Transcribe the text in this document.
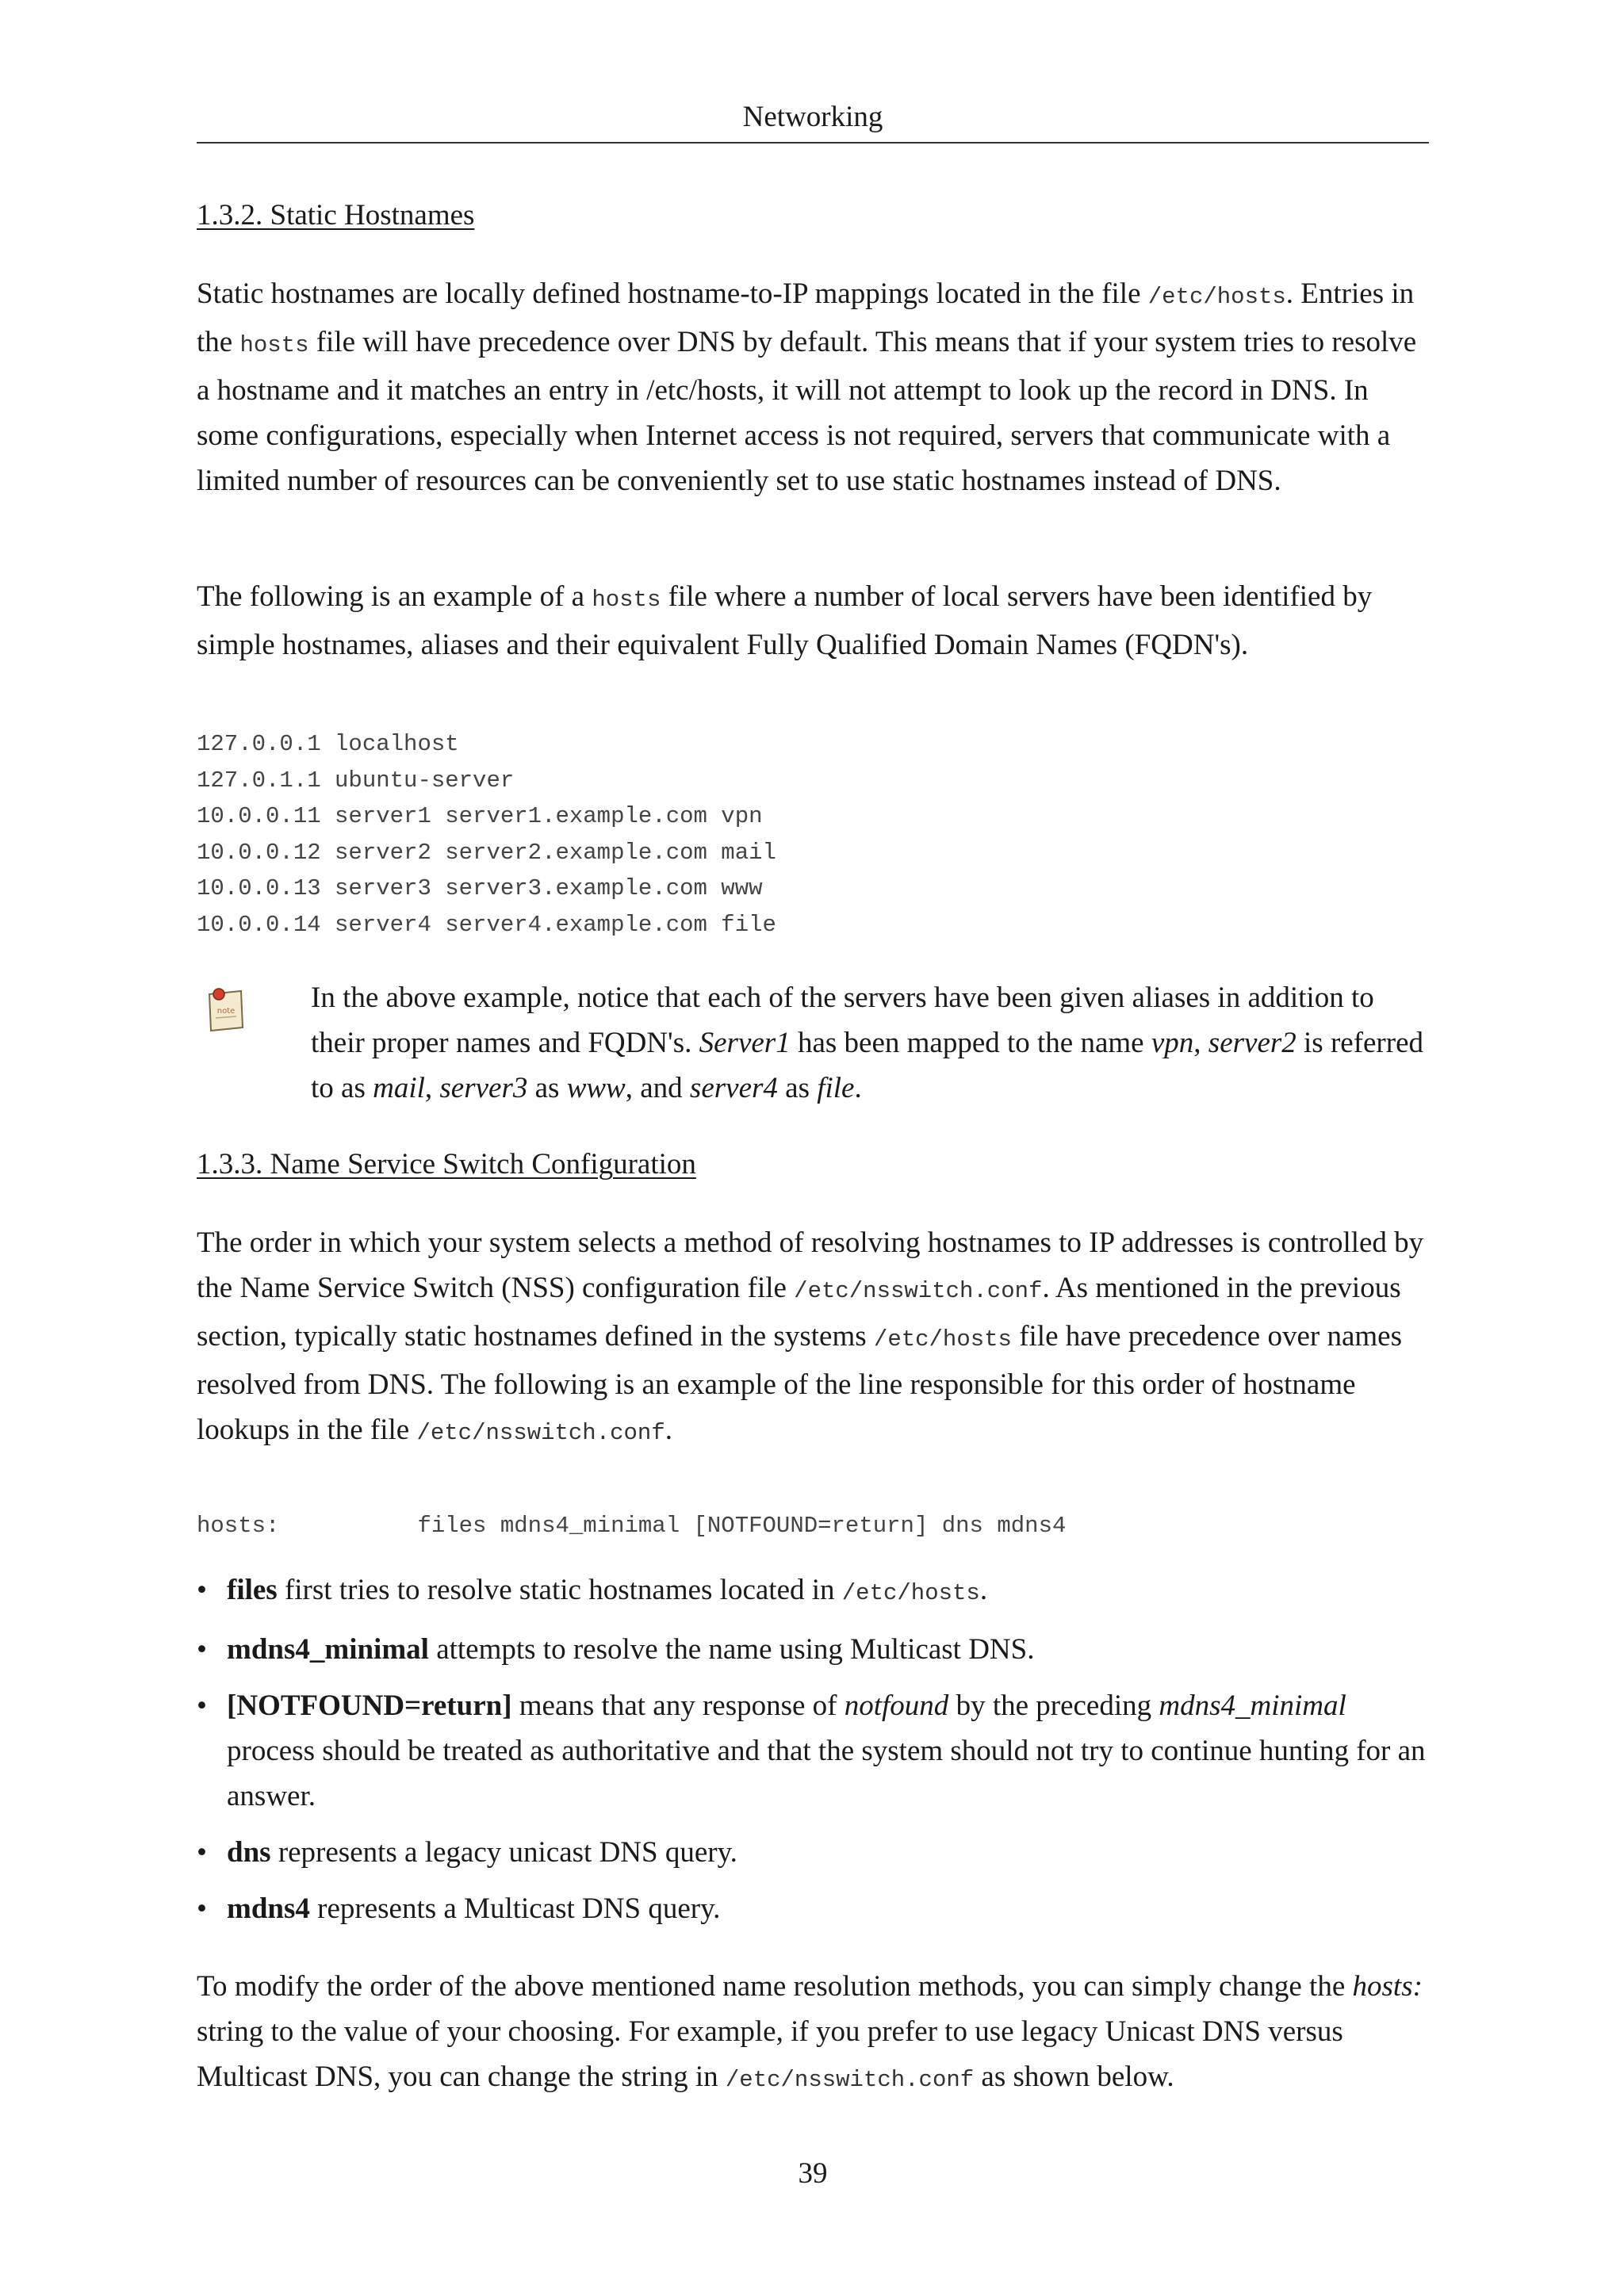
Networking
1.3.2. Static Hostnames

Static hostnames are locally defined hostname-to-IP mappings located in the file /etc/hosts. Entries in the hosts file will have precedence over DNS by default. This means that if your system tries to resolve a hostname and it matches an entry in /etc/hosts, it will not attempt to look up the record in DNS. In some configurations, especially when Internet access is not required, servers that communicate with a limited number of resources can be conveniently set to use static hostnames instead of DNS.

The following is an example of a hosts file where a number of local servers have been identified by simple hostnames, aliases and their equivalent Fully Qualified Domain Names (FQDN's).

127.0.0.1 localhost
127.0.1.1 ubuntu-server
10.0.0.11 server1 server1.example.com vpn
10.0.0.12 server2 server2.example.com mail
10.0.0.13 server3 server3.example.com www
10.0.0.14 server4 server4.example.com file
note	In the above example, notice that each of the servers have been given aliases in addition to their proper names and FQDN's. Server1 has been mapped to the name vpn, server2 is referred to as mail, server3 as www, and server4 as file.

1.3.3. Name Service Switch Configuration

The order in which your system selects a method of resolving hostnames to IP addresses is controlled by the Name Service Switch (NSS) configuration file /etc/nsswitch.conf. As mentioned in the previous section, typically static hostnames defined in the systems /etc/hosts file have precedence over names resolved from DNS. The following is an example of the line responsible for this order of hostname lookups in the file /etc/nsswitch.conf.

hosts:          files mdns4_minimal [NOTFOUND=return] dns mdns4
• files first tries to resolve static hostnames located in /etc/hosts.
• mdns4_minimal attempts to resolve the name using Multicast DNS.
• [NOTFOUND=return] means that any response of notfound by the preceding mdns4_minimal process should be treated as authoritative and that the system should not try to continue hunting for an answer.
• dns represents a legacy unicast DNS query.
• mdns4 represents a Multicast DNS query.

To modify the order of the above mentioned name resolution methods, you can simply change the hosts: string to the value of your choosing. For example, if you prefer to use legacy Unicast DNS versus Multicast DNS, you can change the string in /etc/nsswitch.conf as shown below.

39
